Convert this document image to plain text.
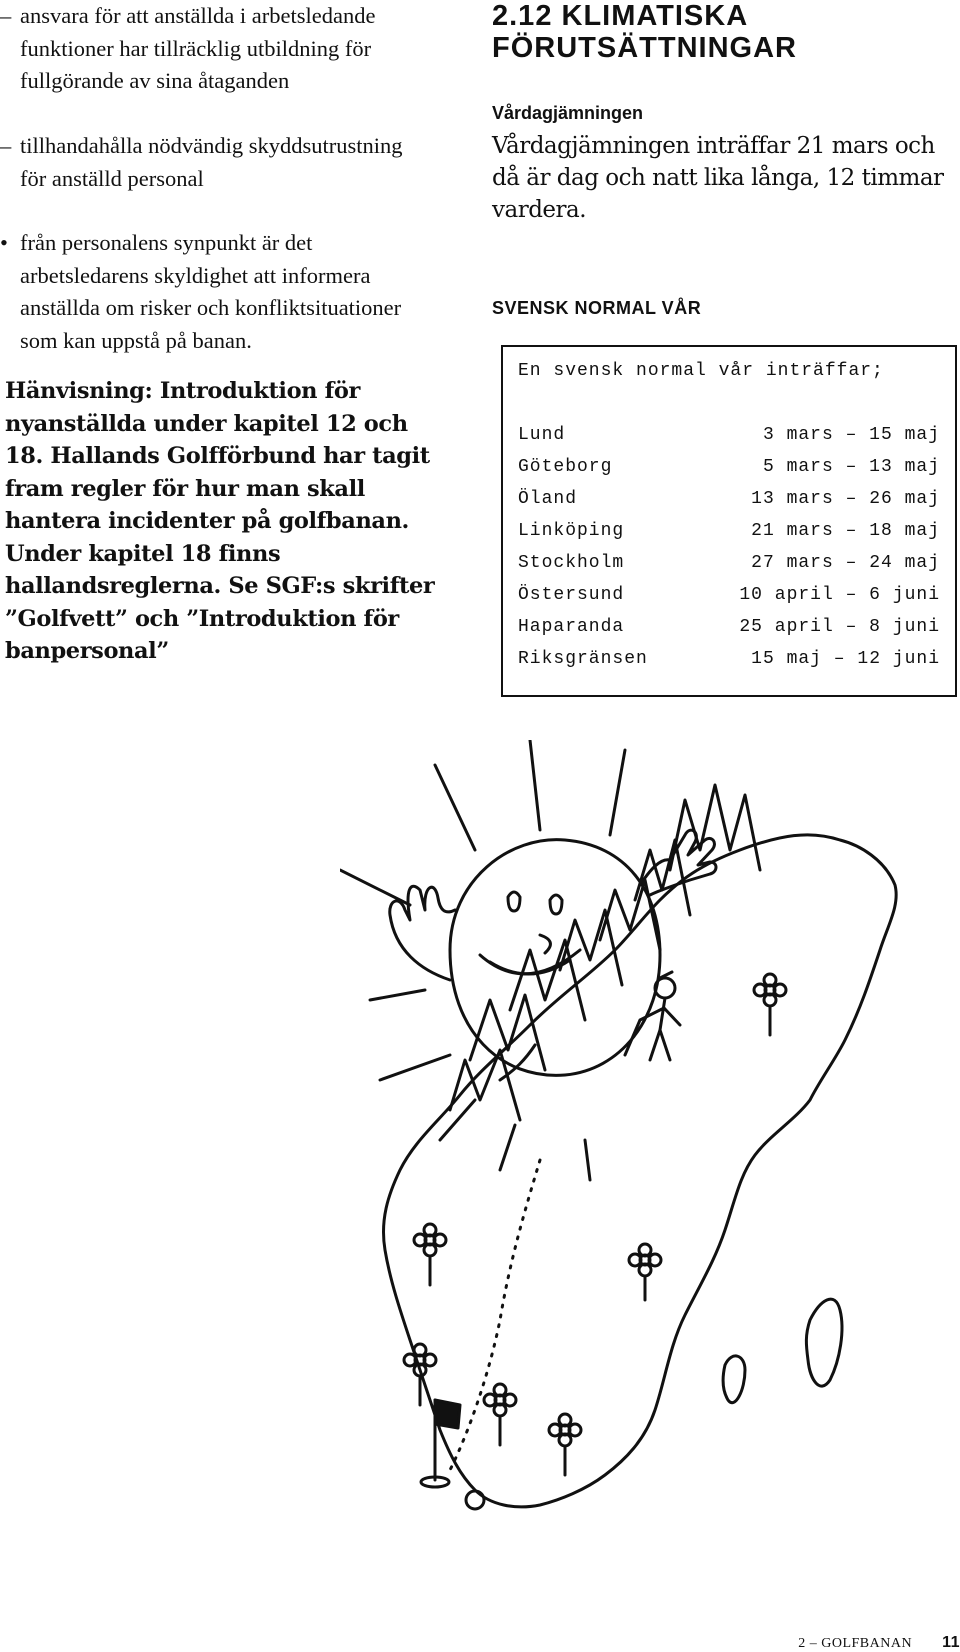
– ansvara för att anställda i arbetsledande funktioner har tillräcklig utbildning för fullgörande av sina åtaganden
– tillhandahålla nödvändig skyddsutrustning för anställd personal
• från personalens synpunkt är det arbetsledarens skyldighet att informera anställda om risker och konfliktsituationer som kan uppstå på banan.
Hänvisning: Introduktion för nyanställda under kapitel 12 och 18. Hallands Golfförbund har tagit fram regler för hur man skall hantera incidenter på golfbanan. Under kapitel 18 finns hallandsreglerna. Se SGF:s skrifter ”Golfvett” och ”Introduktion för banpersonal”
2.12 KLIMATISKA
FÖRUTSÄTTNINGAR
Vårdagjämningen
Vårdagjämningen inträffar 21 mars och då är dag och natt lika långa, 12 timmar vardera.
SVENSK NORMAL VÅR
En svensk normal vår inträffar;
Lund	3 mars – 15 maj
Göteborg	5 mars – 13 maj
Öland	13 mars – 26 maj
Linköping	21 mars – 18 maj
Stockholm	27 mars – 24 maj
Östersund	10 april – 6 juni
Haparanda	25 april – 8 juni
Riksgränsen	15 maj – 12 juni
2 – GOLFBANAN 11
